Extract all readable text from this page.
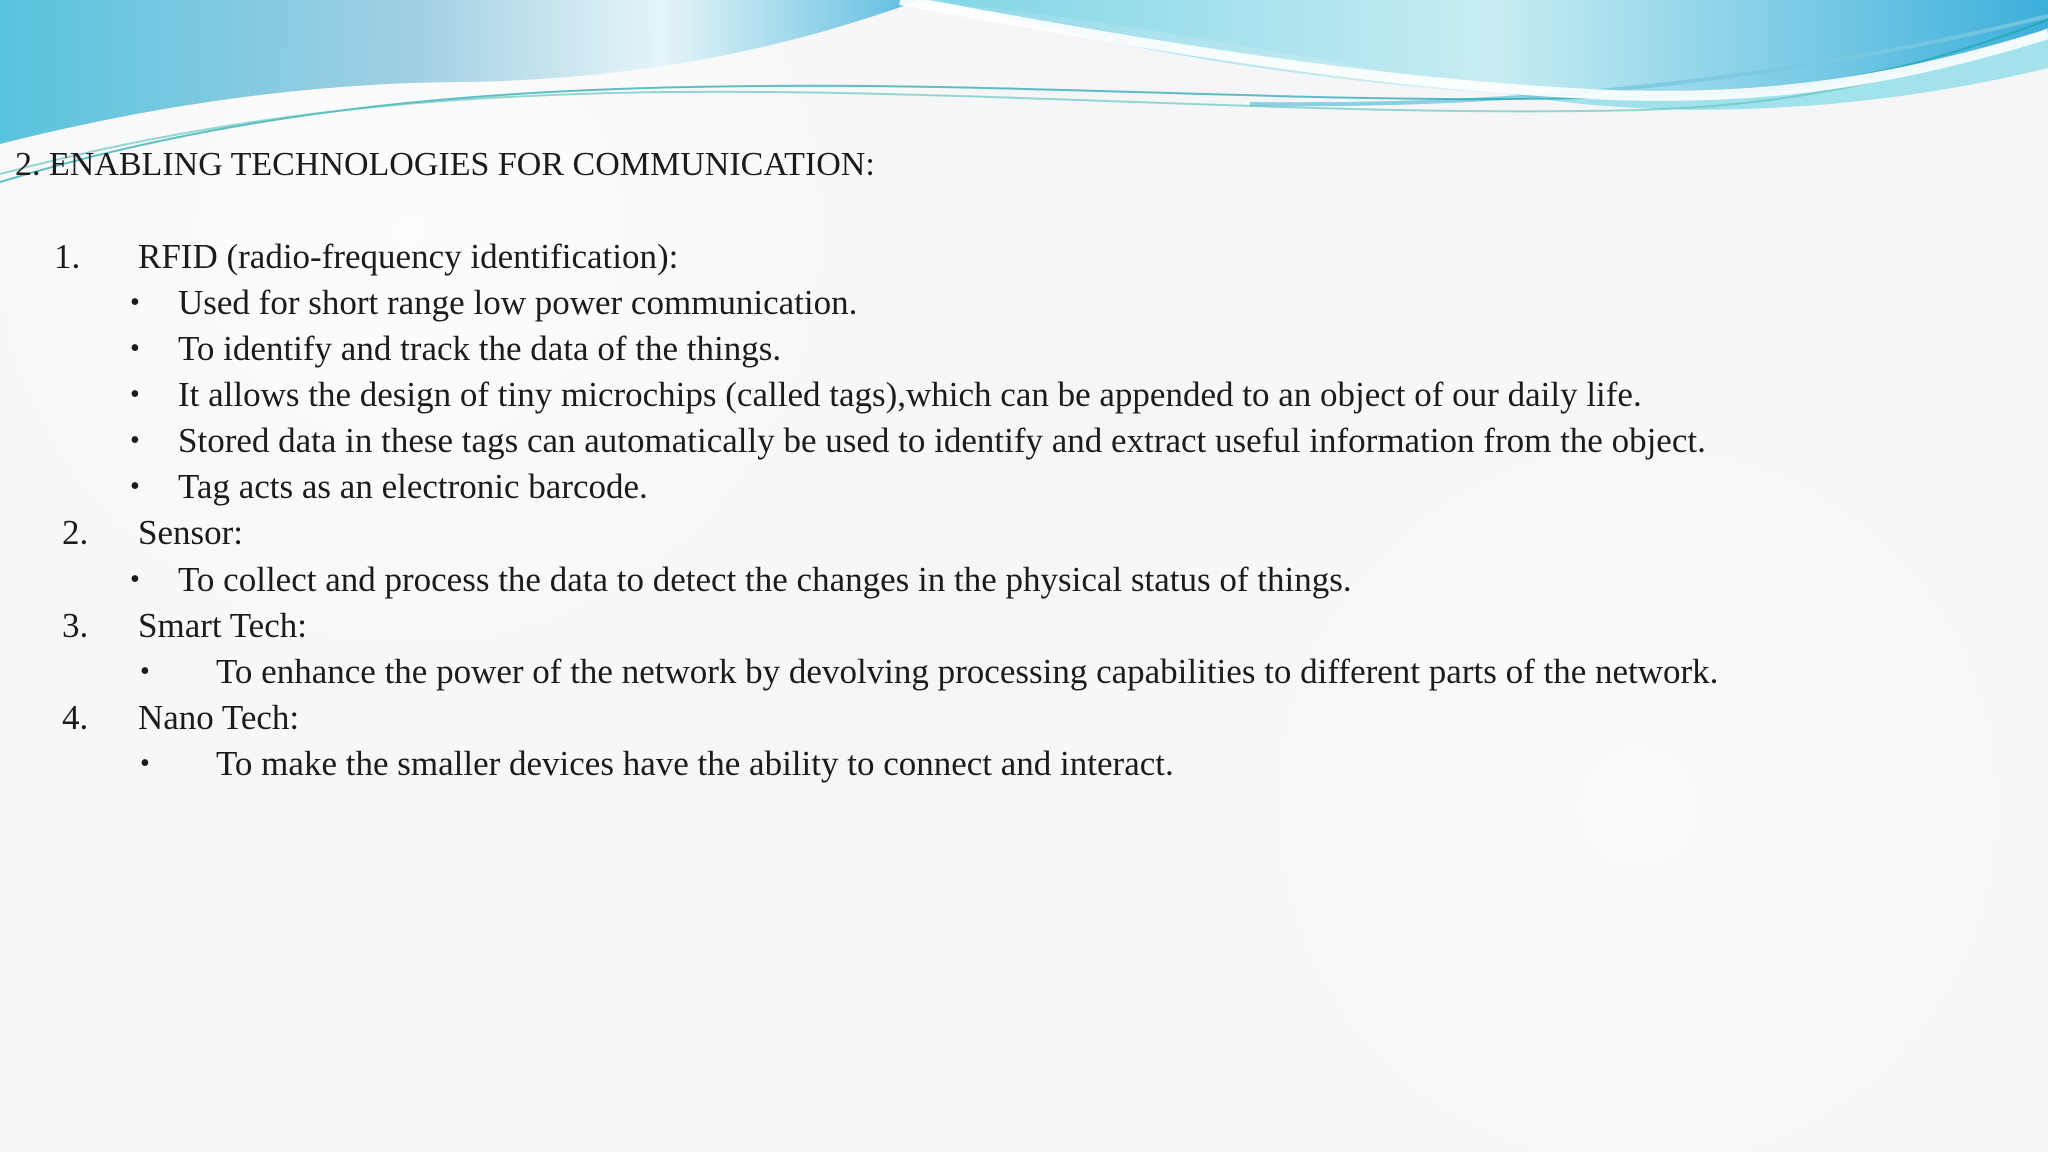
2. ENABLING TECHNOLOGIES FOR COMMUNICATION:
1. RFID (radio-frequency identification):
• Used for short range low power communication.
• To identify and track the data of the things.
• It allows the design of tiny microchips (called tags),which can be appended to an object of our daily life.
• Stored data in these tags can automatically be used to identify and extract useful information from the object.
• Tag acts as an electronic barcode.
2. Sensor:
• To collect and process the data to detect the changes in the physical status of things.
3. Smart Tech:
• To enhance the power of the network by devolving processing capabilities to different parts of the network.
4. Nano Tech:
• To make the smaller devices have the ability to connect and interact.
